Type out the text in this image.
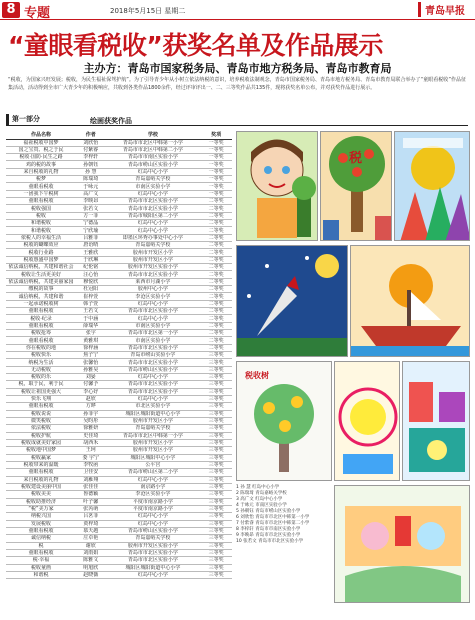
8 专题	2018年5月15日 星期二	青岛早报
“童眼看税收”获奖名单及作品展示
主办方：青岛市国家税务局、青岛市地方税务局、青岛市教育局

“税收，为国家兴旺发展；税收，为民生福祉保驾护航”。为了引导青少年从小树立依法纳税的意识，培养税收法制观念，青岛市国家税务局、青岛市地方税务局、青岛市教育局联合举办了“童眼看税收”作品征集活动，活动得到全市广大青少年的积极响应，共收到各类作品1800余件，经过评审评出一、二、三等奖作品共135件，现将获奖名单公布，并对获奖作品进行展示。

第一部分	绘画获奖作品
作品名称	作者	学校	奖项
福祉税收中国梦	刘欣怡	青岛市市北区中韩第一小学	一等奖
国之宝贵、税之于民	付紫睿	青岛市市北区中韩第二小学	一等奖
税收·国防·民生之路	李梓轩	青岛市市南区实验小学	一等奖
鸡的税的故事	孙朝钰	青岛市崂山区实验小学	一等奖
来自税收的礼物	孙 慧	红岛中心小学	一等奖
税梦	陈瑞琦	青岛嘉峪关学校	一等奖
童眼看税收	于咏元	市南区实验小学	一等奖
一团我下午税树	高广文	红岛中心小学	一等奖
童眼看税收	李映昂	青岛市市北区实验小学	二等奖
税收强国	张若文	青岛市市北区实验小学	二等奖
税收	方一菲	青岛市城阳区第二小学	二等奖
和谐税收	宁德晶	红岛中心小学	二等奖
和谐税收	宁欣瑜	红岛中心小学	二等奖
依税人的幸福生活	吕雅菲	即墨区环秀办事处中心小学	二等奖
税收的蝴蝶效应	唐语晴	青岛嘉峪关学校	二等奖
税收行业路	王雅欣	胶州市开发区小学	二等奖
税收惠盛中国梦	于欣琳	胶州市开发区小学	二等奖
依法诚信纳税，共建和谐社会	纪伦铭	胶州市开发区实验小学	二等奖
税收让生活更美好	汪心怡	青岛市市北区实验小学	二等奖
依法诚信纳税，共建美丽家园	穆悦欣	莱西市月湖小学	二等奖
缴税的故事	杜冠阳	胶州中心小学	二等奖
诚信纳税，共建和谐	崔梓萱	李沧区实验小学	二等奖
一起承诺税收树	韩子萱	红岛中心小学	二等奖
童眼看税收	王若文	青岛市市北区实验小学	二等奖
税收·纪录	于中涵	红岛中心小学	二等奖
童眼看税收	薛瑞华	市南区实验小学	二等奖
税收抢筹	张宇	青岛市市北区第一小学	二等奖
童眼看税收	黄雅琪	市南区实验小学	二等奖
你在税收的地	徐梓涵	青岛市市北区实验小学	二等奖
税收快乐	焦子宁	青岛市崂山实验小学	三等奖
纳税为生活	张馨怡	青岛市市北区实验小学	三等奖
无动税收	孙雅昊	青岛市崂山区实验小学	三等奖
税收的乐	刘晏	红岛中心小学	三等奖
税，取于民，利于民	付馨予	青岛市市北区实验小学	三等奖
税收让祖国更强大	李心妤	青岛市市北区实验小学	三等奖
快乐飞翔	赵欣	红岛中心小学	三等奖
童眼看税收	方晔	市北区实验小学	三等奖
税收说说	孙菲宇	城阳区城阳街道中心小学	三等奖
微笑税收	吴昀彤	胶州市开发区小学	三等奖
依法税收	徐雅妍	青岛嘉峪关学校	三等奖
税收护航	史佳琦	青岛市市北区中韩第一小学	三等奖
税收成就美好家园	胡西禾	胶州市开发区小学	三等奖
税收地中国梦	王珂	胶州市开发区小学	三等奖
税收赢家	娄 宇宁	城阳区城阳中心小学	三等奖
税收带来的温暖	李牧函	公平宫	三等奖
童眼看税收	卫佳安	青岛市崂山区第二小学	三等奖
来自税收的礼物	刘雁翔	红岛中心小学	三等奖
税收建设美丽中国	张佳佳	南京路小学	三等奖
税收美美	鲁德颖	李沧区实验小学	三等奖
税收助推经济	叶子馨	平度市南京路小学	三等奖
“税”美万家	张芮萌	平度市南京路小学	三等奖
纳税兴国	吕茗菲	红岛中心小学	三等奖
发展税收	贾梓琦	红岛中心小学	三等奖
童眼看税收	慕天越	青岛市崂山区实验小学	三等奖
诚信纳税	庄卓艳	青岛嘉峪关学校	三等奖
税	谢欣	胶州市开发区实验小学	三等奖
童眼看税收	刘雨娟	青岛市市北区实验小学	三等奖
税·幸福	陈雅文	青岛市市北区实验小学	三等奖
税收童画	明旭欣	城阳区城阳街道中心小学	三等奖
和谐税	赵晓薇	红岛中心小学	三等奖
税
税收树
1 孙 慧 红岛中心小学
2 陈瑞琦 青岛嘉峪关学校
3 高广文 红岛中心小学
4 于咏元 市南区实验小学
5 孙朝钰 青岛市崂山区实验小学
6 刘欣怡 青岛市市北区中韩第一小学
7 付紫睿 青岛市市北区中韩第二小学
8 李梓轩 青岛市市南区实验小学
9 李映昂 青岛市市北区实验小学
10 张若文 青岛市市北区实验小学
